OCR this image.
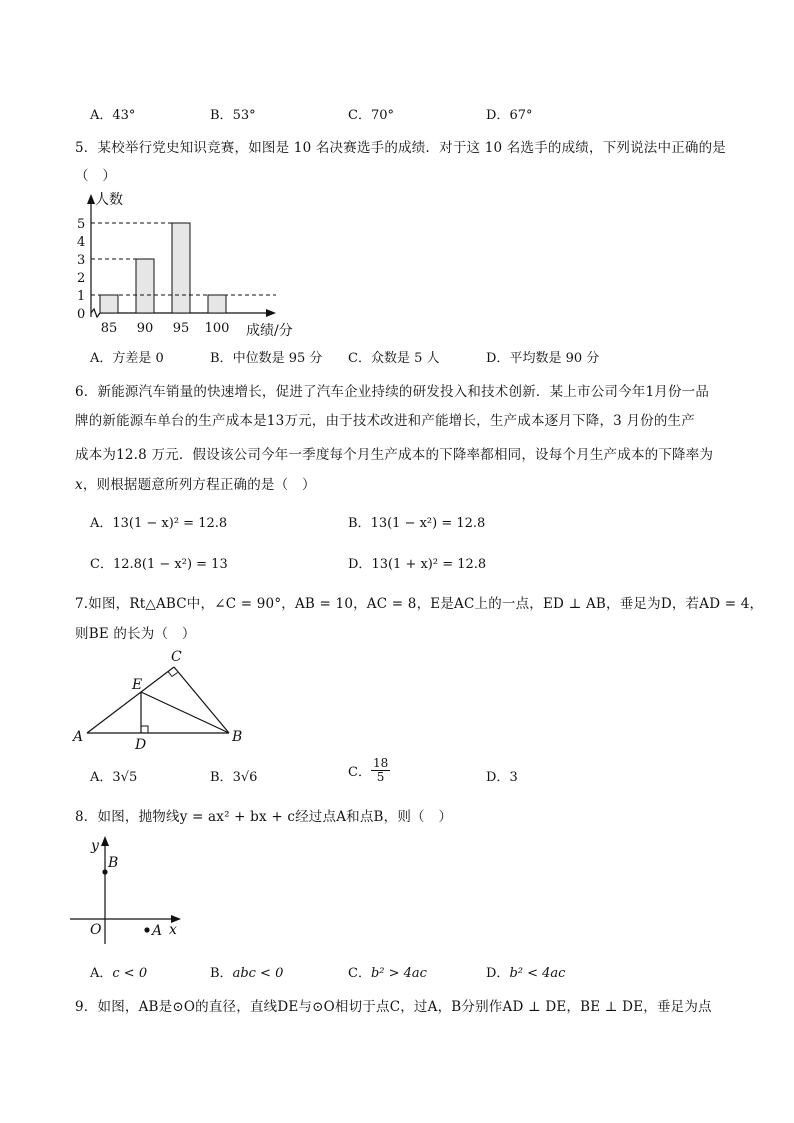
A．43°	B．53°	C．70°	D．67°
5．某校举行党史知识竞赛，如图是 10 名决赛选手的成绩．对于这 10 名选手的成绩，下列说法中正确的是
（　）
0
1
2
3
4
5
人数
85 90 95 100 成绩/分
A．方差是 0	B．中位数是 95 分 C．众数是 5 人	D．平均数是 90 分
6．新能源汽车销量的快速增长，促进了汽车企业持续的研发投入和技术创新．某上市公司今年1月份一品
牌的新能源车单台的生产成本是13万元，由于技术改进和产能增长，生产成本逐月下降，3 月份的生产
成本为12.8 万元．假设该公司今年一季度每个月生产成本的下降率都相同，设每个月生产成本的下降率为
x，则根据题意所列方程正确的是（　）
A．13(1 − x)² = 12.8	B．13(1 − x²) = 12.8
C．12.8(1 − x²) = 13	D．13(1 + x)² = 12.8
7.如图，Rt△ABC中，∠C = 90°，AB = 10，AC = 8，E是AC上的一点，ED ⊥ AB，垂足为D，若AD = 4，
则BE 的长为（　）
A	B
C
D
E
A．3√5	B．3√6	C． $\frac{18}{5}$	D．3
8．如图，抛物线y = ax² + bx + c经过点A和点B，则（　）
y
x
O
B
A
A．c < 0	B．abc < 0	C．b² > 4ac	D．b² < 4ac
9．如图，AB是⊙O的直径，直线DE与⊙O相切于点C，过A，B分别作AD ⊥ DE，BE ⊥ DE，垂足为点
